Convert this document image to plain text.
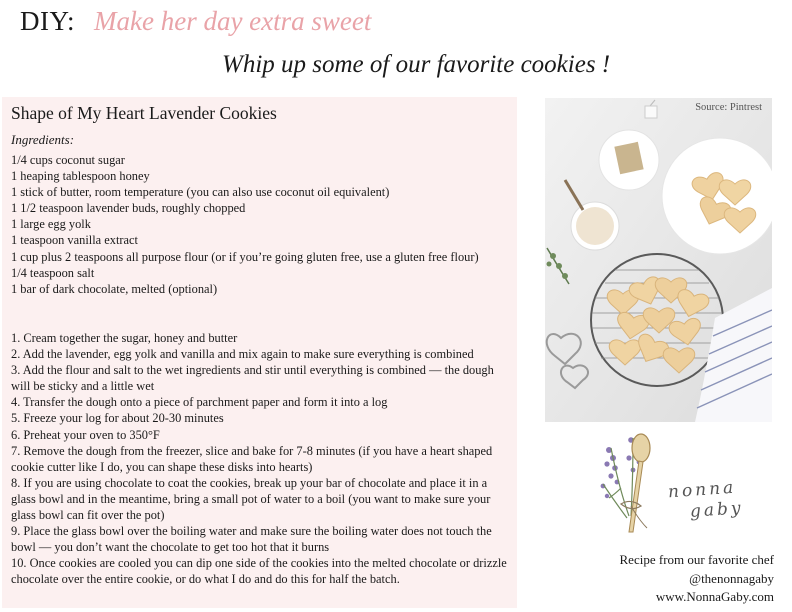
DIY: Make her day extra sweet
Whip up some of our favorite cookies !
Shape of My Heart Lavender Cookies
Ingredients:
1/4 cups coconut sugar
1 heaping tablespoon honey
1 stick of butter, room temperature (you can also use coconut oil equivalent)
1 1/2 teaspoon lavender buds, roughly chopped
1 large egg yolk
1 teaspoon vanilla extract
1 cup plus 2 teaspoons all purpose flour (or if you’re going gluten free, use a gluten free flour)
1/4 teaspoon salt
1 bar of dark chocolate, melted (optional)
1. Cream together the sugar, honey and butter
2. Add the lavender, egg yolk and vanilla and mix again to make sure everything is combined
3. Add the flour and salt to the wet ingredients and stir until everything is combined — the dough will be sticky and a little wet
4. Transfer the dough onto a piece of parchment paper and form it into a log
5. Freeze your log for about 20-30 minutes
6. Preheat your oven to 350°F
7. Remove the dough from the freezer, slice and bake for 7-8 minutes (if you have a heart shaped cookie cutter like I do, you can shape these disks into hearts)
8. If you are using chocolate to coat the cookies, break up your bar of chocolate and place it in a glass bowl and in the meantime, bring a small pot of water to a boil (you want to make sure your glass bowl can fit over the pot)
9. Place the glass bowl over the boiling water and make sure the boiling water does not touch the bowl — you don’t want the chocolate to get too hot that it burns
10. Once cookies are cooled you can dip one side of the cookies into the melted chocolate or drizzle chocolate over the entire cookie, or do what I do and do this for half the batch.
Source: Pintrest
nonna
gaby
Recipe from our favorite chef
@thenonnagaby
www.NonnaGaby.com
